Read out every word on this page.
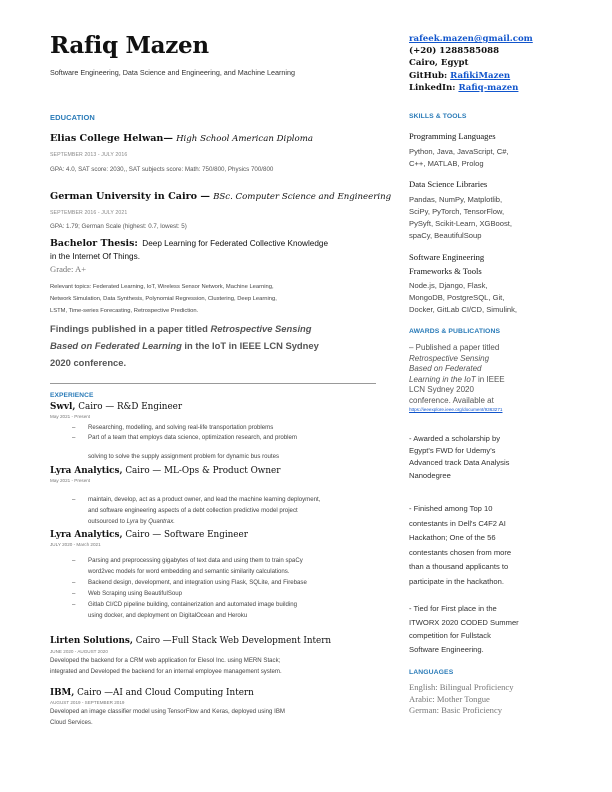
Rafiq Mazen
Software Engineering, Data Science and Engineering, and Machine Learning
rafeek.mazen@gmail.com
(+20) 1288585088
Cairo, Egypt
GitHub: RafikiMazen
LinkedIn: Rafiq-mazen
EDUCATION
Elias College Helwan— High School American Diploma
SEPTEMBER 2013 - JULY 2016
GPA: 4.0, SAT score: 2030,, SAT subjects score: Math: 750/800, Physics 700/800
German University in Cairo — BSc. Computer Science and Engineering
SEPTEMBER 2016 - JULY 2021
GPA: 1.79; German Scale (highest: 0.7, lowest: 5)
Bachelor Thesis: Deep Learning for Federated Collective Knowledge
in the Internet Of Things.
Grade: A+
Relevant topics: Federated Learning, IoT, Wireless Sensor Network, Machine Learning,
Network Simulation, Data Synthesis, Polynomial Regression, Clustering, Deep Learning,
LSTM, Time-series Forecasting, Retrospective Prediction.
Findings published in a paper titled Retrospective Sensing
Based on Federated Learning in the IoT in IEEE LCN Sydney
2020 conference.
EXPERIENCE
Swvl, Cairo — R&D Engineer
May 2021 - Present
– Researching, modelling, and solving real-life transportation problems
– Part of a team that employs data science, optimization research, and problem
solving to solve the supply assignment problem for dynamic bus routes
Lyra Analytics, Cairo — ML-Ops & Product Owner
May 2021 - Present
– maintain, develop, act as a product owner, and lead the machine learning deployment,
and software engineering aspects of a debt collection predictive model project
outsourced to Lyra by Quantrax.
Lyra Analytics, Cairo — Software Engineer
JULY 2020 - March 2021
– Parsing and preprocessing gigabytes of text data and using them to train spaCy
word2vec models for word embedding and semantic similarity calculations.
– Backend design, development, and integration using Flask, SQLite, and Firebase
– Web Scraping using BeautifulSoup
– Gitlab CI/CD pipeline building, containerization and automated image building
using docker, and deployment on DigitalOcean and Heroku
Lirten Solutions, Cairo —Full Stack Web Development Intern
JUNE 2020 - AUGUST 2020
Developed the backend for a CRM web application for Elesol Inc. using MERN Stack;
integrated and Developed the backend for an internal employee management system.
IBM, Cairo —AI and Cloud Computing Intern
AUGUST 2019 - SEPTEMBER 2019
Developed an image classifier model using TensorFlow and Keras, deployed using IBM
Cloud Services.
SKILLS & TOOLS
Programming Languages
Python, Java, JavaScript, C#,
C++, MATLAB, Prolog
Data Science Libraries
Pandas, NumPy, Matplotlib,
SciPy, PyTorch, TensorFlow,
PySyft, Scikit-Learn, XGBoost,
spaCy, BeautifulSoup
Software Engineering
Frameworks & Tools
Node.js, Django, Flask,
MongoDB, PostgreSQL, Git,
Docker, GitLab CI/CD, Simulink,
AWARDS & PUBLICATIONS
– Published a paper titled
Retrospective Sensing
Based on Federated
Learning in the IoT in IEEE
LCN Sydney 2020
conference. Available at
https://ieeexplore.ieee.org/document/9363271
- Awarded a scholarship by
Egypt's FWD for Udemy's
Advanced track Data Analysis
Nanodegree
- Finished among Top 10
contestants in Dell's C4F2 AI
Hackathon; One of the 56
contestants chosen from more
than a thousand applicants to
participate in the hackathon.
- Tied for First place in the
ITWORX 2020 CODED Summer
competition for Fullstack
Software Engineering.
LANGUAGES
English: Bilingual Proficiency
Arabic: Mother Tongue
German: Basic Proficiency
